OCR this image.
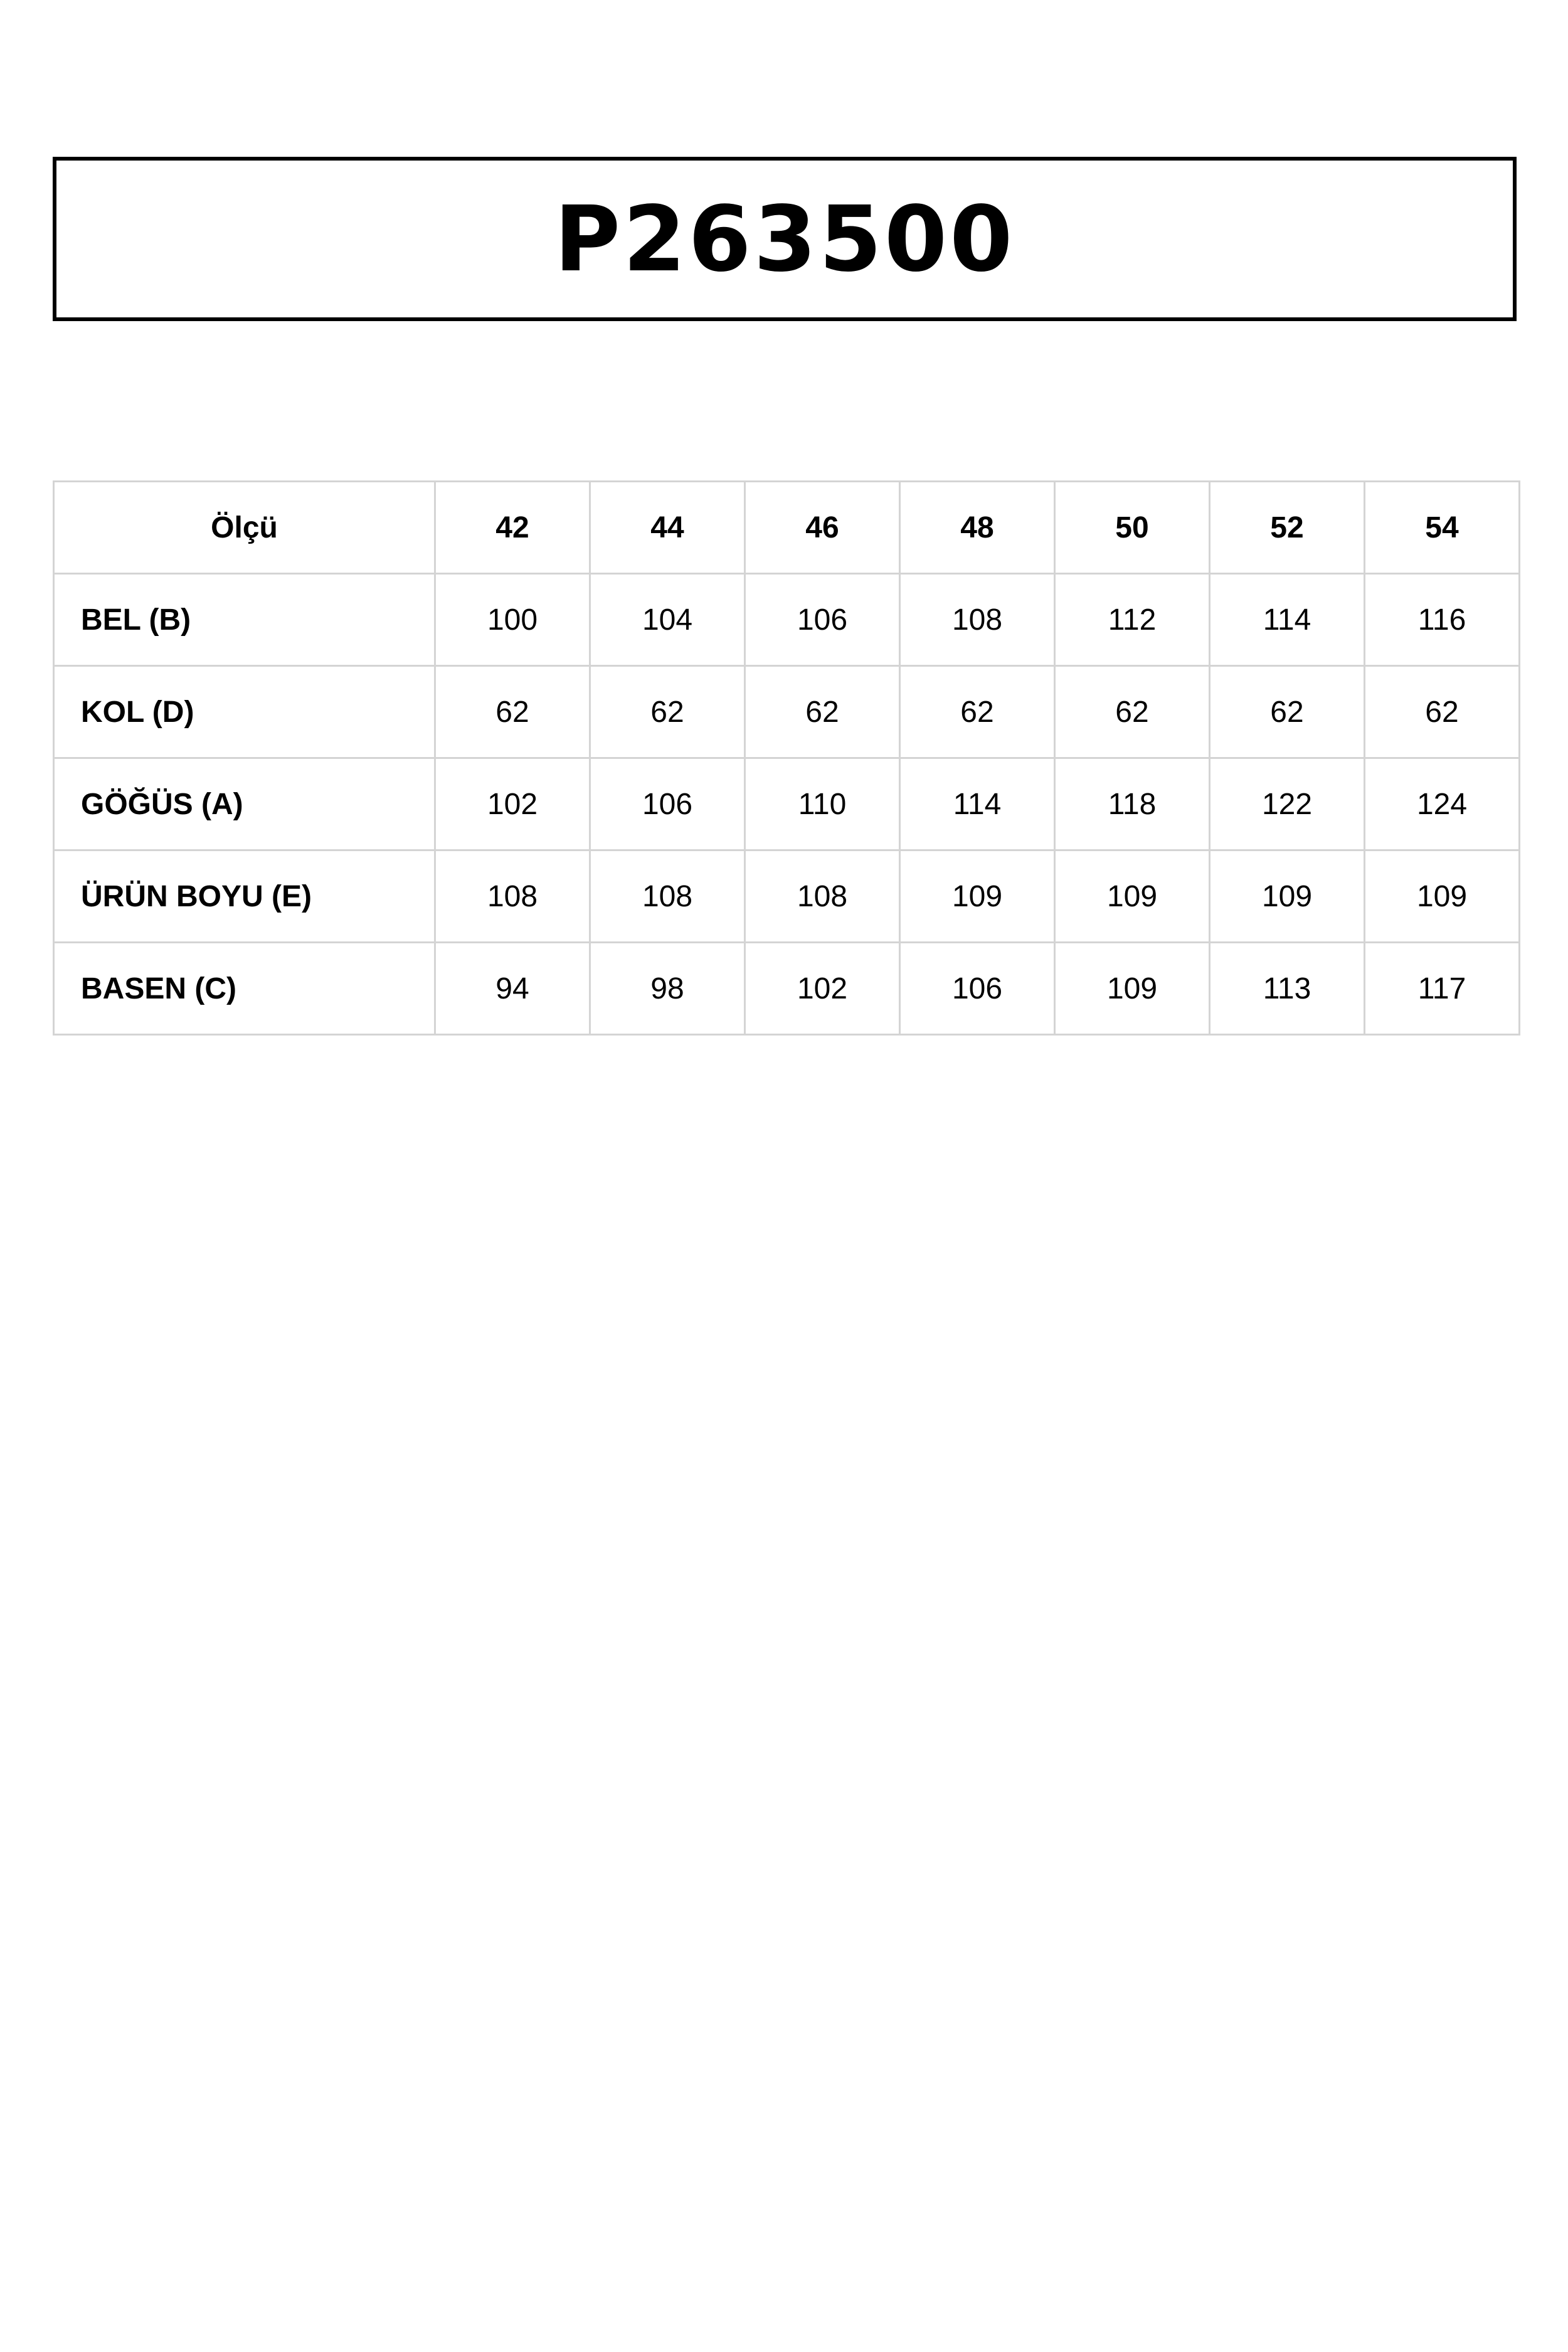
P263500
Ölçü	42	44	46	48	50	52	54
BEL (B)	100	104	106	108	112	114	116
KOL (D)	62	62	62	62	62	62	62
GÖĞÜS (A)	102	106	110	114	118	122	124
ÜRÜN BOYU (E)	108	108	108	109	109	109	109
BASEN (C)	94	98	102	106	109	113	117
